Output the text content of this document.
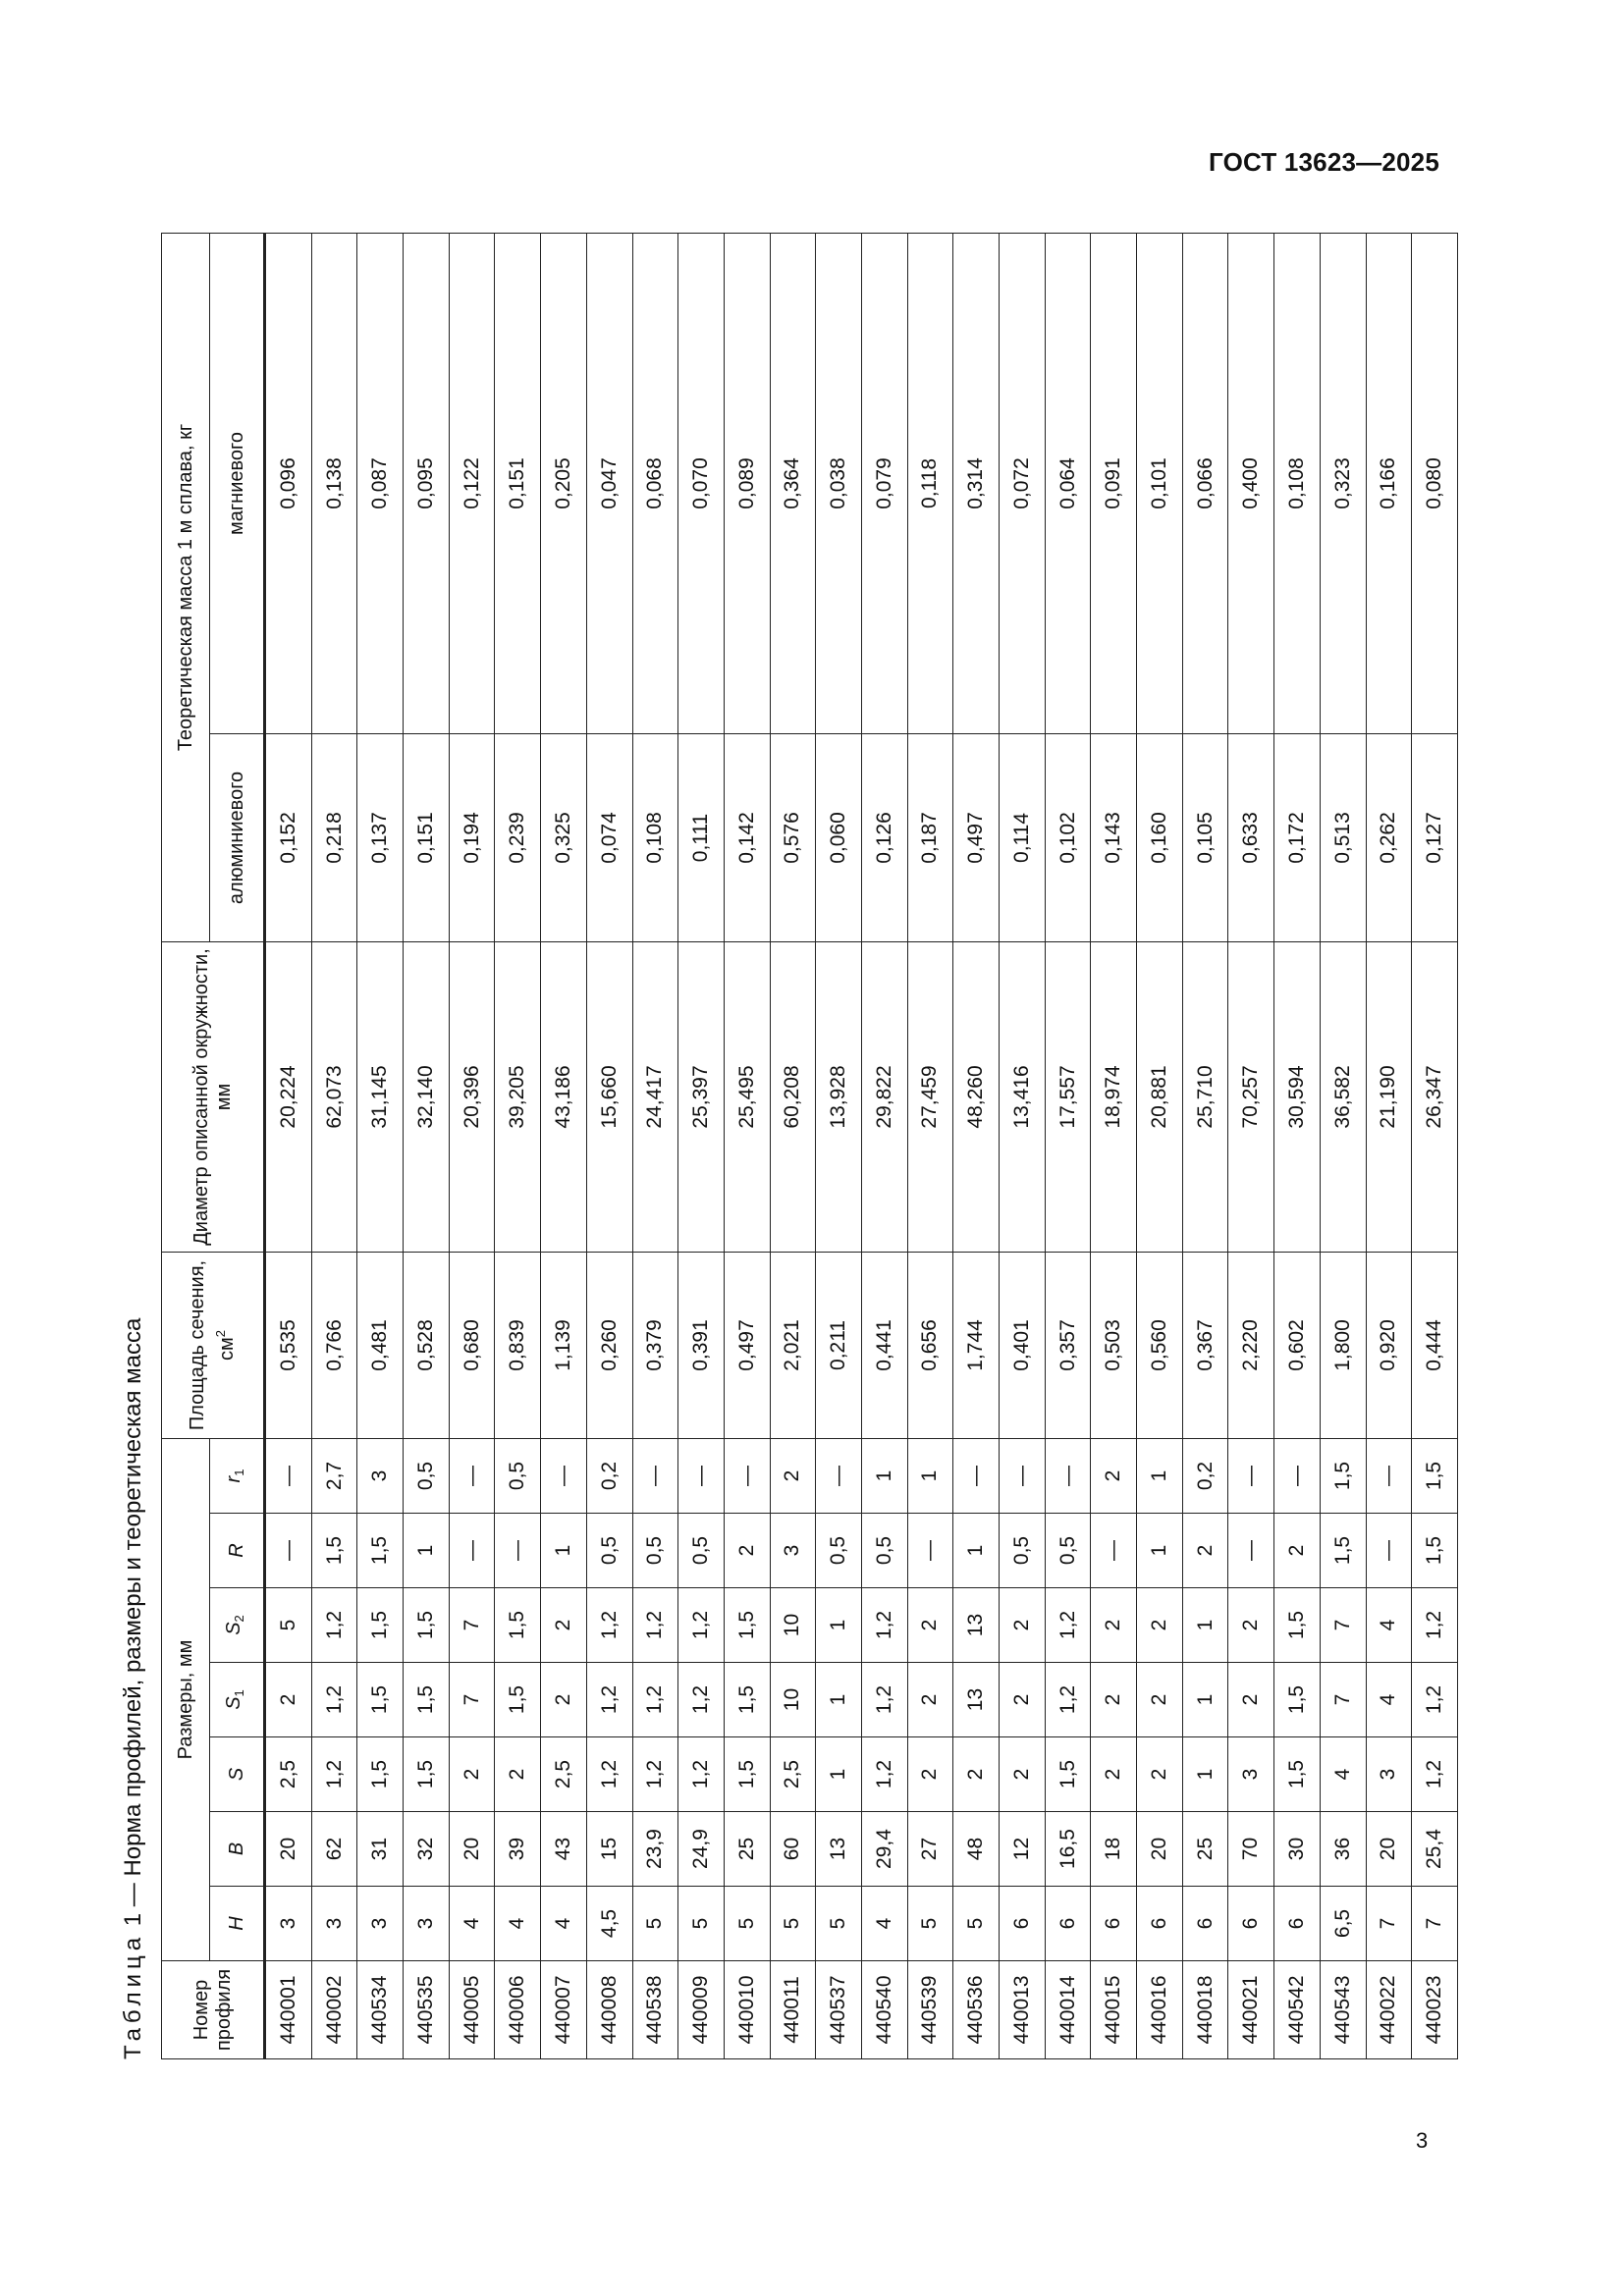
ГОСТ 13623—2025
Таблица 1 — Норма профилей, размеры и теоретическая масса
Номер профиля	Размеры, мм							Площадь сечения, $см^2$	Диаметр описанной окружности, мм	Теоретическая масса 1 м сплава, кг	
	H	B	S	$S_1$	$S_2$	R	$r_1$			алюминиевого	магниевого
440001	3	20	2,5	2	5	—	—	0,535	20,224	0,152	0,096
440002	3	62	1,2	1,2	1,2	1,5	2,7	0,766	62,073	0,218	0,138
440534	3	31	1,5	1,5	1,5	1,5	3	0,481	31,145	0,137	0,087
440535	3	32	1,5	1,5	1,5	1	0,5	0,528	32,140	0,151	0,095
440005	4	20	2	7	7	—	—	0,680	20,396	0,194	0,122
440006	4	39	2	1,5	1,5	—	0,5	0,839	39,205	0,239	0,151
440007	4	43	2,5	2	2	1	—	1,139	43,186	0,325	0,205
440008	4,5	15	1,2	1,2	1,2	0,5	0,2	0,260	15,660	0,074	0,047
440538	5	23,9	1,2	1,2	1,2	0,5	—	0,379	24,417	0,108	0,068
440009	5	24,9	1,2	1,2	1,2	0,5	—	0,391	25,397	0,111	0,070
440010	5	25	1,5	1,5	1,5	2	—	0,497	25,495	0,142	0,089
440011	5	60	2,5	10	10	3	2	2,021	60,208	0,576	0,364
440537	5	13	1	1	1	0,5	—	0,211	13,928	0,060	0,038
440540	4	29,4	1,2	1,2	1,2	0,5	1	0,441	29,822	0,126	0,079
440539	5	27	2	2	2	—	1	0,656	27,459	0,187	0,118
440536	5	48	2	13	13	1	—	1,744	48,260	0,497	0,314
440013	6	12	2	2	2	0,5	—	0,401	13,416	0,114	0,072
440014	6	16,5	1,5	1,2	1,2	0,5	—	0,357	17,557	0,102	0,064
440015	6	18	2	2	2	—	2	0,503	18,974	0,143	0,091
440016	6	20	2	2	2	1	1	0,560	20,881	0,160	0,101
440018	6	25	1	1	1	2	0,2	0,367	25,710	0,105	0,066
440021	6	70	3	2	2	—	—	2,220	70,257	0,633	0,400
440542	6	30	1,5	1,5	1,5	2	—	0,602	30,594	0,172	0,108
440543	6,5	36	4	7	7	1,5	1,5	1,800	36,582	0,513	0,323
440022	7	20	3	4	4	—	—	0,920	21,190	0,262	0,166
440023	7	25,4	1,2	1,2	1,2	1,5	1,5	0,444	26,347	0,127	0,080
3
